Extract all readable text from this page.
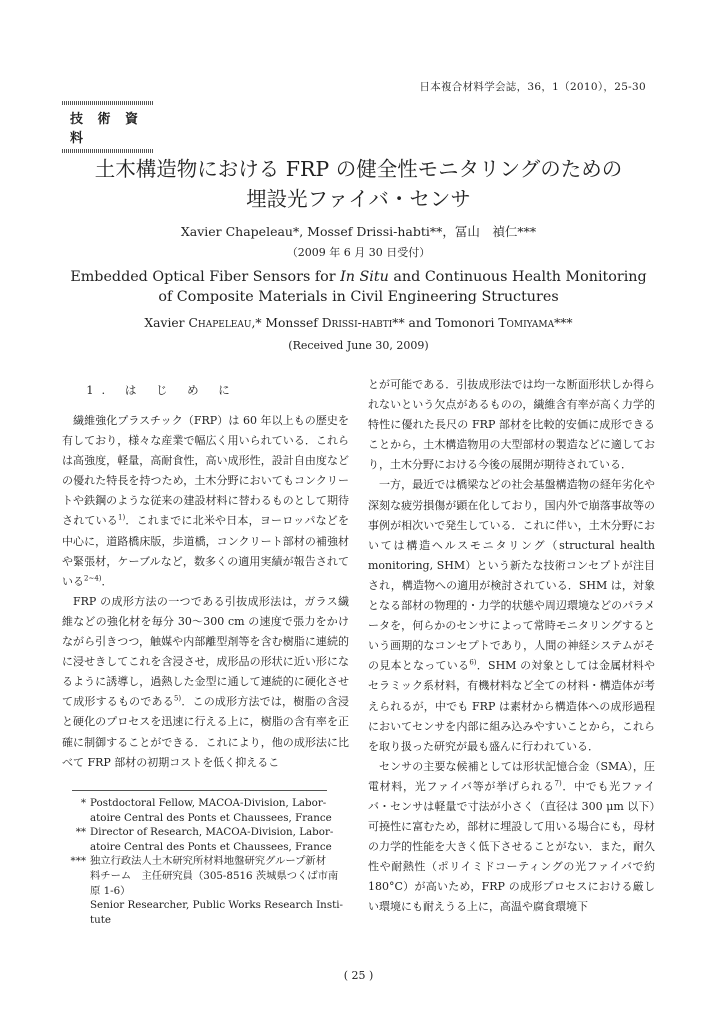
日本複合材料学会誌，36，1（2010），25-30
技 術 資 料
土木構造物における FRP の健全性モニタリングのための
埋設光ファイバ・センサ
Xavier Chapeleau*, Mossef Drissi-habti**，冨山　禎仁***
（2009 年 6 月 30 日受付）
Embedded Optical Fiber Sensors for In Situ and Continuous Health Monitoring
of Composite Materials in Civil Engineering Structures
Xavier Chapeleau,* Monssef Drissi-habti** and Tomonori Tomiyama***
(Received June 30, 2009)
1. は じ め に

繊維強化プラスチック（FRP）は 60 年以上もの歴史を有しており，様々な産業で幅広く用いられている．これらは高強度，軽量，高耐食性，高い成形性，設計自由度などの優れた特長を持つため，土木分野においてもコンクリートや鉄鋼のような従来の建設材料に替わるものとして期待されている$^{1)}$．これまでに北米や日本，ヨーロッパなどを中心に，道路橋床版，歩道橋，コンクリート部材の補強材や緊張材，ケーブルなど，数多くの適用実績が報告されている$^{2\sim 4)}$．

FRP の成形方法の一つである引抜成形法は，ガラス繊維などの強化材を毎分 30～300 cm の速度で張力をかけながら引きつつ，触媒や内部離型剤等を含む樹脂に連続的に浸せきしてこれを含浸させ，成形品の形状に近い形になるように誘導し，過熱した金型に通して連続的に硬化させて成形するものである$^{5)}$．この成形方法では，樹脂の含浸と硬化のプロセスを迅速に行える上に，樹脂の含有率を正確に制御することができる．これにより，他の成形法に比べて FRP 部材の初期コストを低く抑えるこ

とが可能である．引抜成形法では均一な断面形状しか得られないという欠点があるものの，繊維含有率が高く力学的特性に優れた長尺の FRP 部材を比較的安価に成形できることから，土木構造物用の大型部材の製造などに適しており，土木分野における今後の展開が期待されている．

一方，最近では橋梁などの社会基盤構造物の経年劣化や深刻な疲労損傷が顕在化しており，国内外で崩落事故等の事例が相次いで発生している．これに伴い，土木分野においては構造ヘルスモニタリング（structural health monitoring, SHM）という新たな技術コンセプトが注目され，構造物への適用が検討されている．SHM は，対象となる部材の物理的・力学的状態や周辺環境などのパラメータを，何らかのセンサによって常時モニタリングするという画期的なコンセプトであり，人間の神経システムがその見本となっている$^{6)}$．SHM の対象としては金属材料やセラミック系材料，有機材料など全ての材料・構造体が考えられるが，中でも FRP は素材から構造体への成形過程においてセンサを内部に組み込みやすいことから，これらを取り扱った研究が最も盛んに行われている．

センサの主要な候補としては形状記憶合金（SMA），圧電材料，光ファイバ等が挙げられる$^{7)}$．中でも光ファイバ・センサは軽量で寸法が小さく（直径は 300 μm 以下）可撓性に富むため，部材に埋設して用いる場合にも，母材の力学的性能を大きく低下させることがない．また，耐久性や耐熱性（ポリイミドコーティングの光ファイバで約 180°C）が高いため，FRP の成形プロセスにおける厳しい環境にも耐えうる上に，高温や腐食環境下

* Postdoctoral Fellow, MACOA-Division, Labor-
atoire Central des Ponts et Chaussees, France
** Director of Research, MACOA-Division, Labor-
atoire Central des Ponts et Chaussees, France
*** 独立行政法人土木研究所材料地盤研究グループ新材
料チーム　主任研究員（305-8516 茨城県つくば市南
原 1-6）
Senior Researcher, Public Works Research Insti-
tute
( 25 )
